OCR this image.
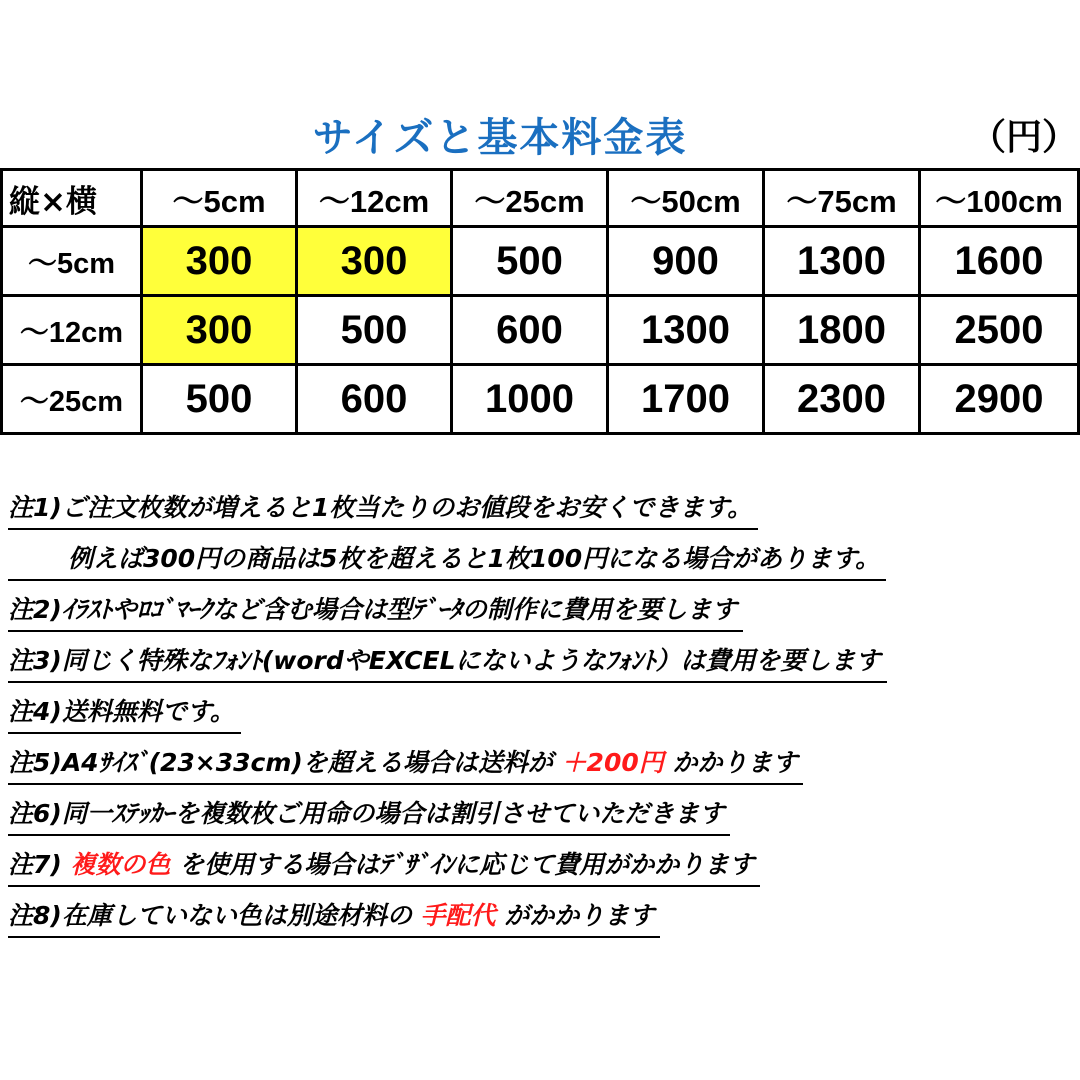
サイズと基本料金表	（円）
縦×横	～5cm	～12cm	～25cm	～50cm	～75cm	～100cm
～5cm	300	300	500	900	1300	1600
～12cm	300	500	600	1300	1800	2500
～25cm	500	600	1000	1700	2300	2900
注1)ご注文枚数が増えると1枚当たりのお値段をお安くできます。
例えば300円の商品は5枚を超えると1枚100円になる場合があります。
注2)ｲﾗｽﾄやﾛｺﾞﾏｰｸなど含む場合は型ﾃﾞｰﾀの制作に費用を要します
注3)同じく特殊なﾌｫﾝﾄ(wordやEXCELにないようなﾌｫﾝﾄ）は費用を要します
注4)送料無料です。
注5)A4ｻｲｽﾞ(23×33cm)を超える場合は送料が ＋200円 かかります
注6)同一ｽﾃｯｶｰを複数枚ご用命の場合は割引させていただきます
注7) 複数の色 を使用する場合はﾃﾞｻﾞｲﾝに応じて費用がかかります
注8)在庫していない色は別途材料の 手配代 がかかります
